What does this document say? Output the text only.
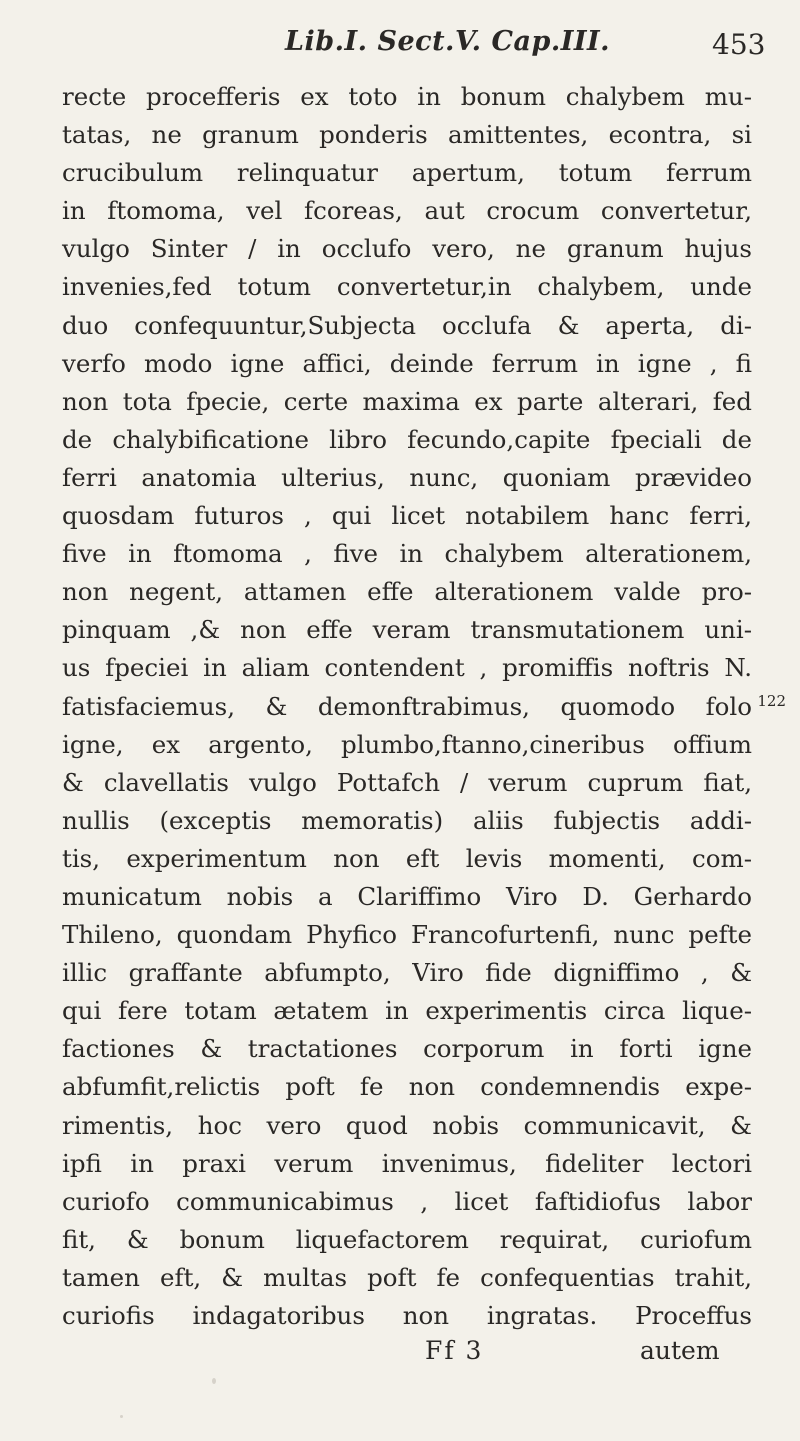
Lib.I. Sect.V. Cap.III.	453
recte procefferis ex toto in bonum chalybem mu-
tatas, ne granum ponderis amittentes, econtra, si
crucibulum relinquatur apertum, totum ferrum
in ftomoma, vel fcoreas, aut crocum convertetur,
vulgo Sinter / in occlufo vero, ne granum hujus
invenies,fed totum convertetur,in chalybem, unde
duo confequuntur,Subjecta occlufa & aperta, di-
verfo modo igne affici, deinde ferrum in igne , fi
non tota fpecie, certe maxima ex parte alterari, fed
de chalybificatione libro fecundo,capite fpeciali de
ferri anatomia ulterius, nunc, quoniam prævideo
quosdam futuros , qui licet notabilem hanc ferri,
five in ftomoma , five in chalybem alterationem,
non negent, attamen effe alterationem valde pro-
pinquam ,& non effe veram transmutationem uni-
us fpeciei in aliam contendent , promiffis noftris N.
fatisfaciemus, & demonftrabimus, quomodo folo 122
igne, ex argento, plumbo,ftanno,cineribus offium
& clavellatis vulgo Pottafch / verum cuprum fiat,
nullis (exceptis memoratis) aliis fubjectis addi-
tis, experimentum non eft levis momenti, com-
municatum nobis a Clariffimo Viro D. Gerhardo
Thileno, quondam Phyfico Francofurtenfi, nunc pefte
illic graffante abfumpto, Viro fide digniffimo , &
qui fere totam ætatem in experimentis circa lique-
factiones & tractationes corporum in forti igne
abfumfit,relictis poft fe non condemnendis expe-
rimentis, hoc vero quod nobis communicavit, &
ipfi in praxi verum invenimus, fideliter lectori
curiofo communicabimus , licet faftidiofus labor
fit, & bonum liquefactorem requirat, curiofum
tamen eft, & multas poft fe confequentias trahit,
curiofis indagatoribus non ingratas. Proceffus
Ff 3	autem
